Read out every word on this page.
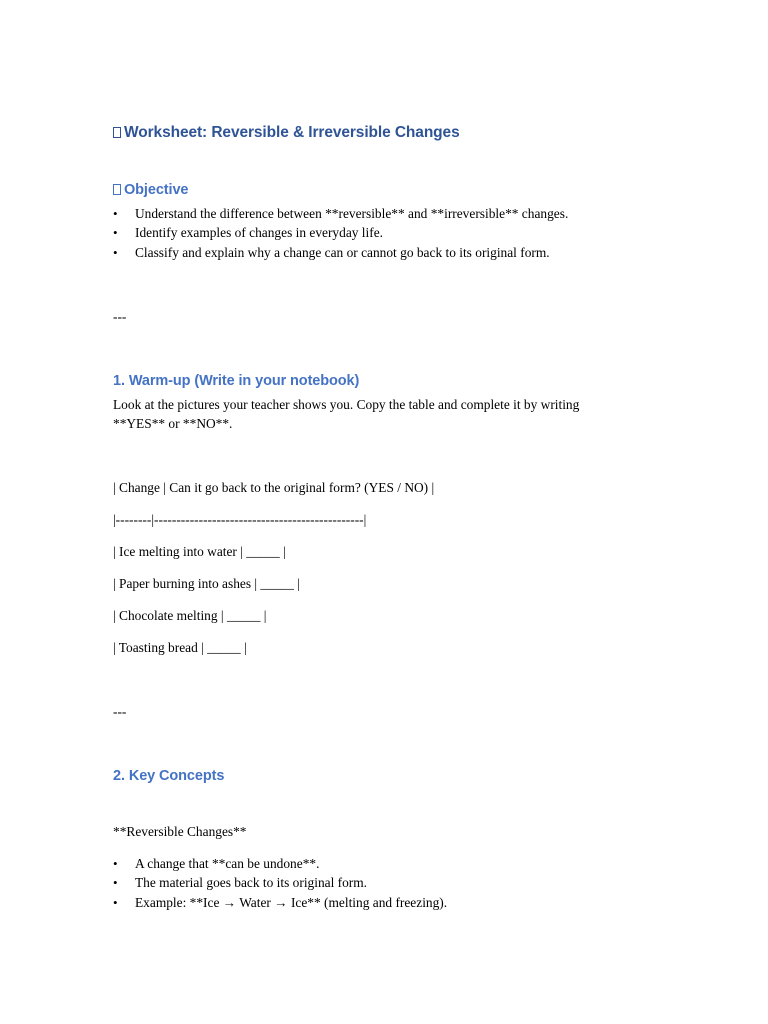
Worksheet: Reversible & Irreversible Changes
Objective
• Understand the difference between **reversible** and **irreversible** changes.
• Identify examples of changes in everyday life.
• Classify and explain why a change can or cannot go back to its original form.
---
1. Warm-up (Write in your notebook)
Look at the pictures your teacher shows you. Copy the table and complete it by writing
**YES** or **NO**.
| Change | Can it go back to the original form? (YES / NO) |
|--------|-----------------------------------------------|
| Ice melting into water | _____ |
| Paper burning into ashes | _____ |
| Chocolate melting | _____ |
| Toasting bread | _____ |
---
2. Key Concepts
**Reversible Changes**
• A change that **can be undone**.
• The material goes back to its original form.
• Example: **Ice → Water → Ice** (melting and freezing).
